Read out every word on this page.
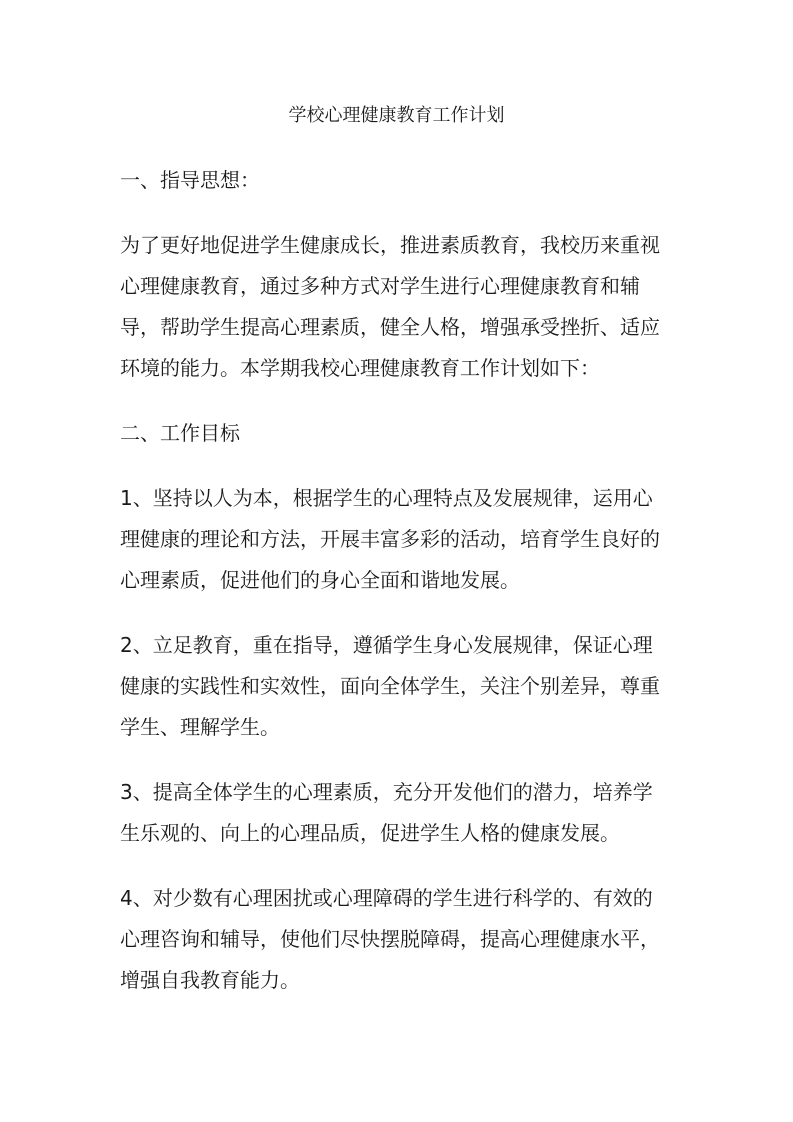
学校心理健康教育工作计划
一、指导思想：
为了更好地促进学生健康成长，推进素质教育，我校历来重视
心理健康教育，通过多种方式对学生进行心理健康教育和辅
导，帮助学生提高心理素质，健全人格，增强承受挫折、适应
环境的能力。本学期我校心理健康教育工作计划如下：
二、工作目标
1、坚持以人为本，根据学生的心理特点及发展规律，运用心
理健康的理论和方法，开展丰富多彩的活动，培育学生良好的
心理素质，促进他们的身心全面和谐地发展。
2、立足教育，重在指导，遵循学生身心发展规律，保证心理
健康的实践性和实效性，面向全体学生，关注个别差异，尊重
学生、理解学生。
3、提高全体学生的心理素质，充分开发他们的潜力，培养学
生乐观的、向上的心理品质，促进学生人格的健康发展。
4、对少数有心理困扰或心理障碍的学生进行科学的、有效的
心理咨询和辅导，使他们尽快摆脱障碍，提高心理健康水平，
增强自我教育能力。
